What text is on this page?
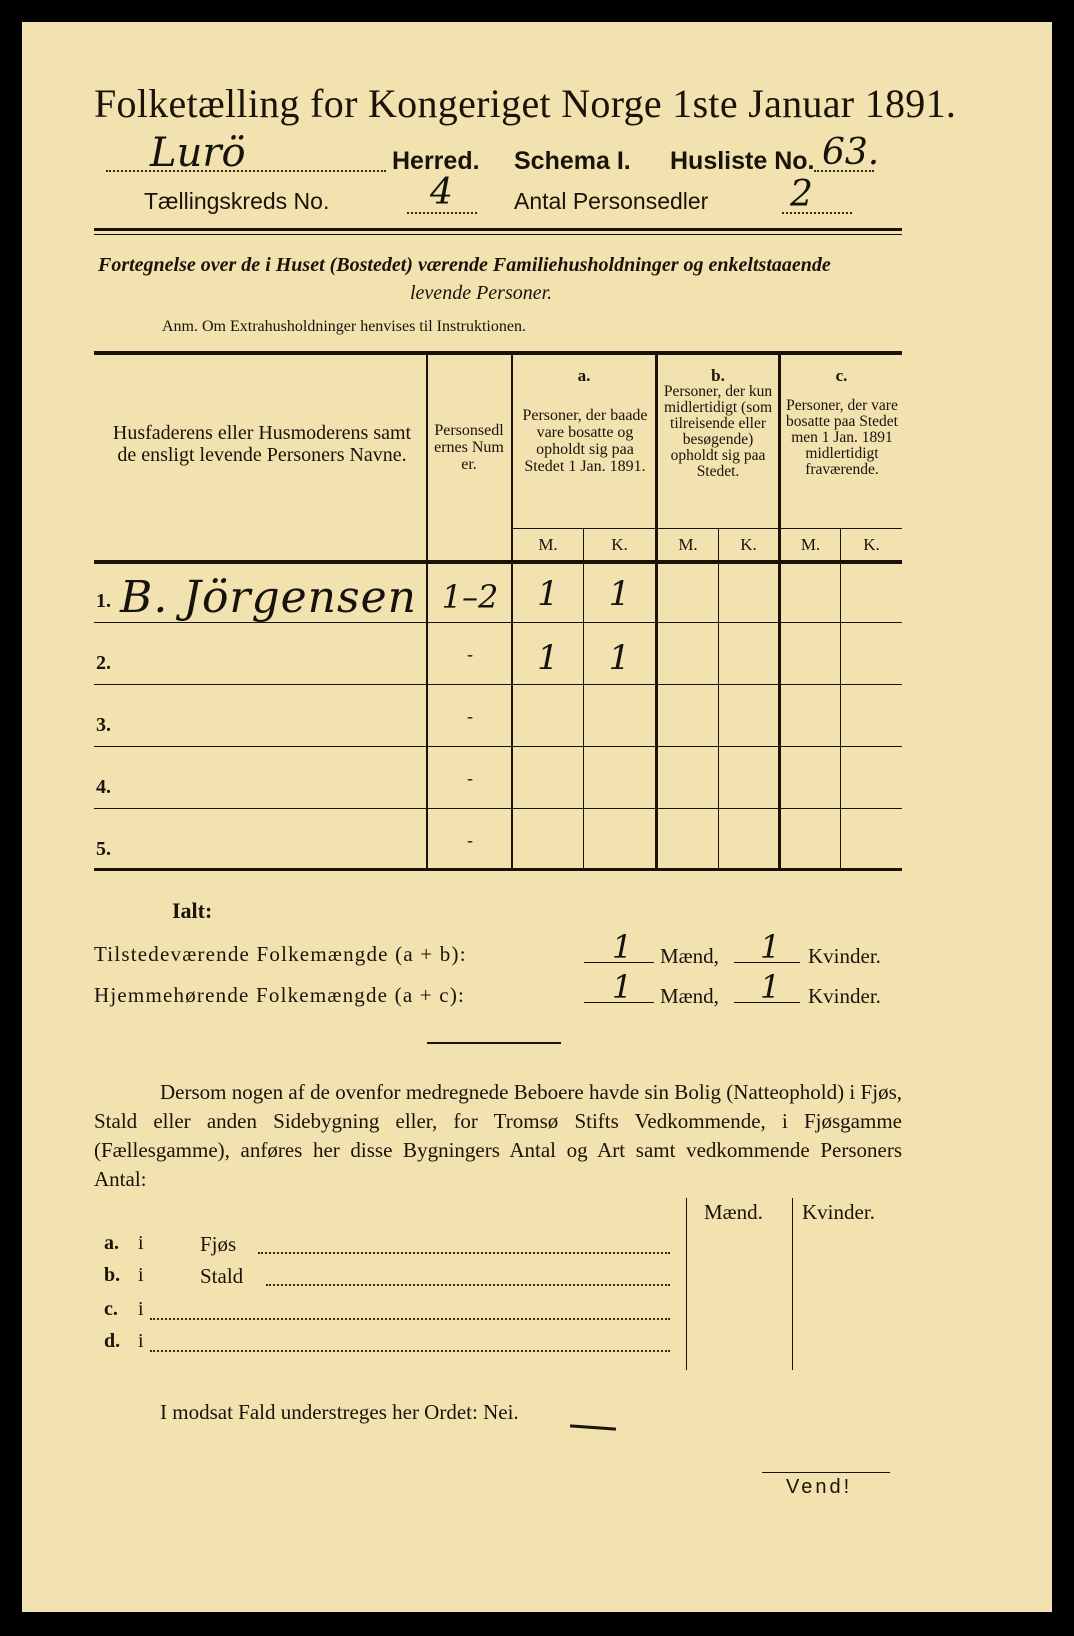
Folketælling for Kongeriget Norge 1ste Januar 1891.
Lurö	Herred. Schema I. Husliste No. 63.
Tællingskreds No.	4	Antal Personsedler 2
Fortegnelse over de i Huset (Bostedet) værende Familiehusholdninger og enkeltstaaende
levende Personer.
Anm. Om Extrahusholdninger henvises til Instruktionen.
Husfaderens eller Husmoderens samt de ensligt levende Personers Navne.
Personsedlernes Numer.
a.
Personer, der baade vare bosatte og opholdt sig paa Stedet 1 Jan. 1891.
b.
Personer, der kun midlertidigt (som tilreisende eller besøgende) opholdt sig paa Stedet.
c.
Personer, der vare bosatte paa Stedet men 1 Jan. 1891 midlertidigt fraværende.
M.	K.	M.	K.	M.	K.
1. B. Jörgensen 1–2	1	1
2.	-	1	1
3.	-
4.	-
5.	-
Ialt:
Tilstedeværende Folkemængde (a + b):	1 Mænd, 1 Kvinder.
Hjemmehørende Folkemængde (a + c):	1 Mænd, 1 Kvinder.
Dersom nogen af de ovenfor medregnede Beboere havde sin Bolig (Natteophold) i Fjøs, Stald eller anden Sidebygning eller, for Tromsø Stifts Vedkommende, i Fjøsgamme (Fællesgamme), anføres her disse Bygningers Antal og Art samt vedkommende Personers Antal:
Mænd. Kvinder.
a. i	Fjøs
b. i	Stald
c. i
d. i
I modsat Fald understreges her Ordet: Nei.
Vend!
